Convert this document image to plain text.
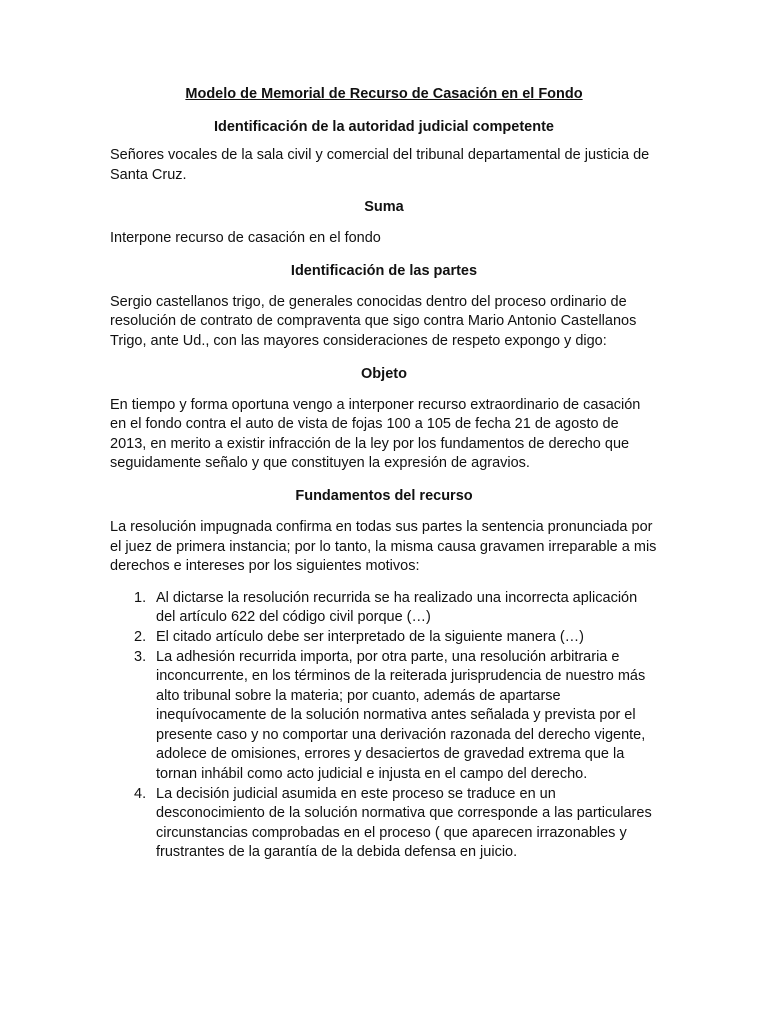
Modelo de Memorial de Recurso de Casación en el Fondo

Identificación de la autoridad judicial competente

Señores vocales de la sala civil y comercial del tribunal departamental de justicia de Santa Cruz.

Suma

Interpone recurso de casación en el fondo

Identificación de las partes

Sergio castellanos trigo, de generales conocidas dentro del proceso ordinario de resolución de contrato de compraventa que sigo contra Mario Antonio Castellanos Trigo, ante Ud., con las mayores consideraciones de respeto expongo y digo:

Objeto

En tiempo y forma oportuna vengo a interponer recurso extraordinario de casación en el fondo contra el auto de vista de fojas 100 a 105 de fecha 21 de agosto de 2013, en merito a existir infracción de la ley por los fundamentos de derecho que seguidamente señalo y que constituyen la expresión de agravios.

Fundamentos del recurso

La resolución impugnada confirma en todas sus partes la sentencia pronunciada por el juez de primera instancia; por lo tanto, la misma causa gravamen irreparable a mis derechos e intereses por los siguientes motivos:

1. Al dictarse la resolución recurrida se ha realizado una incorrecta aplicación del artículo 622 del código civil porque (…)
2. El citado artículo debe ser interpretado de la siguiente manera (…)
3. La adhesión recurrida importa, por otra parte, una resolución arbitraria e inconcurrente, en los términos de la reiterada jurisprudencia de nuestro más alto tribunal sobre la materia; por cuanto, además de apartarse inequívocamente de la solución normativa antes señalada y prevista por el presente caso y no comportar una derivación razonada del derecho vigente, adolece de omisiones, errores y desaciertos de gravedad extrema que la tornan inhábil como acto judicial e injusta en el campo del derecho.
4. La decisión judicial asumida en este proceso se traduce en un desconocimiento de la solución normativa que corresponde a las particulares circunstancias comprobadas en el proceso ( que aparecen irrazonables y frustrantes de la garantía de la debida defensa en juicio.
